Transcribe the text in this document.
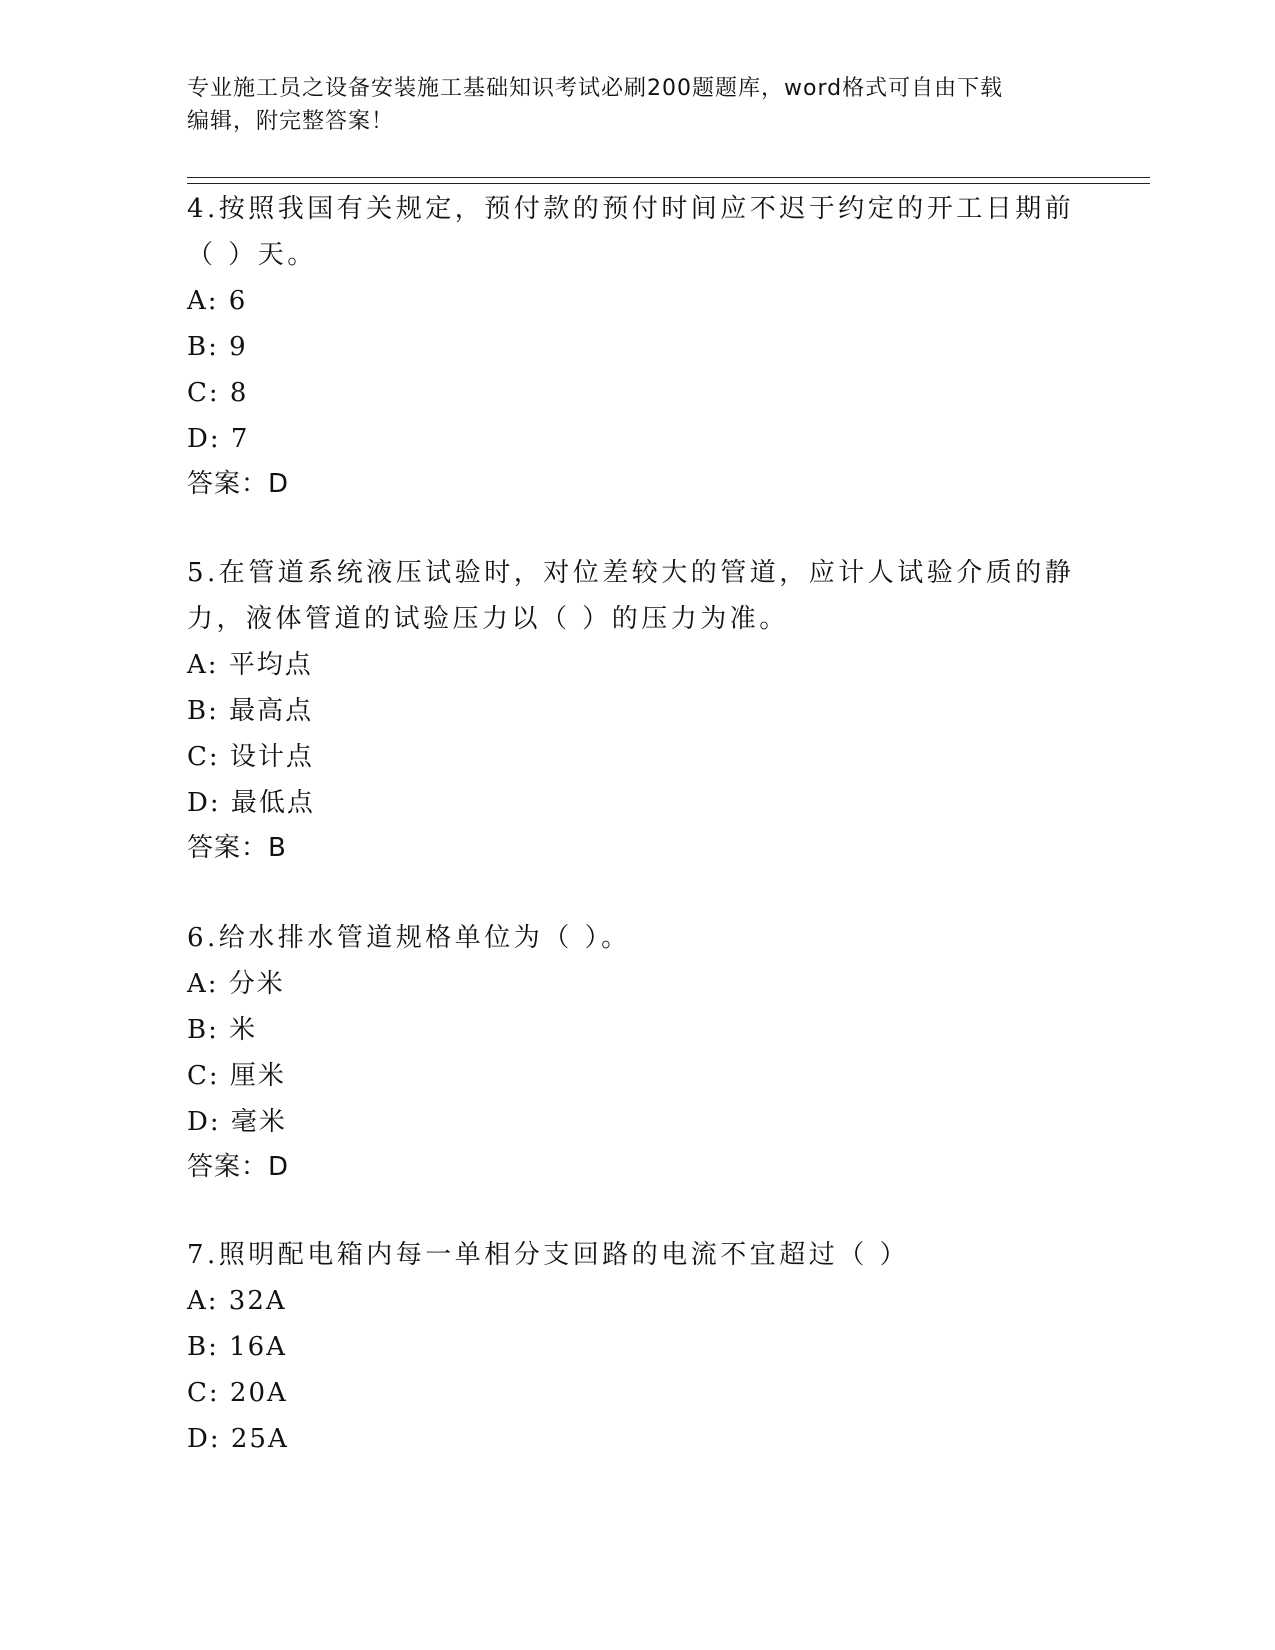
专业施工员之设备安装施工基础知识考试必刷200题题库，word格式可自由下载
编辑，附完整答案！

4.按照我国有关规定，预付款的预付时间应不迟于约定的开工日期前

（ ）天。

A: 6

B: 9

C: 8

D: 7

答案：D

5.在管道系统液压试验时，对位差较大的管道，应计人试验介质的静

力，液体管道的试验压力以（ ）的压力为准。

A: 平均点

B: 最高点

C: 设计点

D: 最低点

答案：B

6.给水排水管道规格单位为（ ）。

A: 分米

B: 米

C: 厘米

D: 毫米

答案：D

7.照明配电箱内每一单相分支回路的电流不宜超过（ ）

A: 32A

B: 16A

C: 20A

D: 25A
